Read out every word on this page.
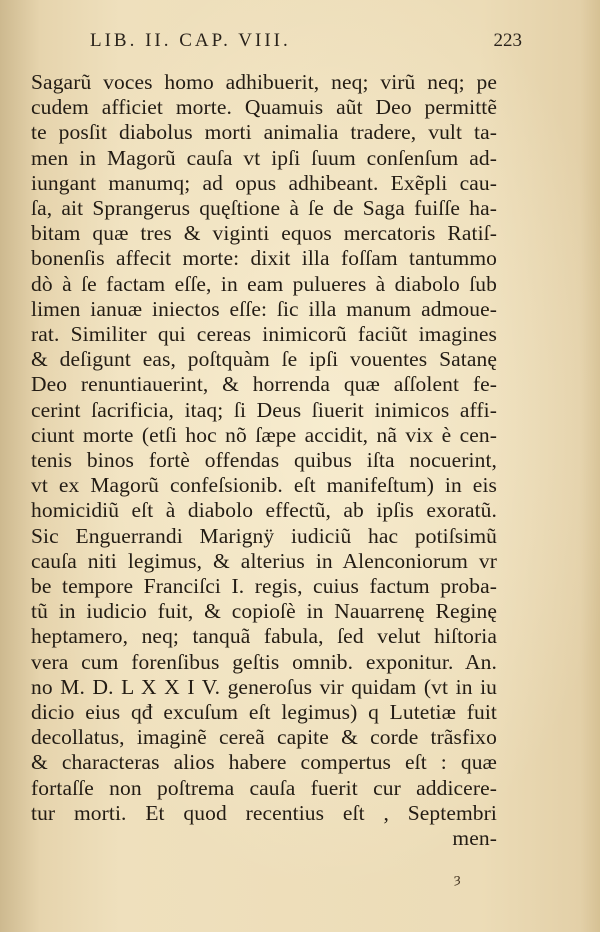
LIB. II. CAP. VIII.	223
Sagarũ voces homo adhibuerit, neq; virũ neq; pe
cudem afficiet morte. Quamuis aũt Deo permittẽ
te posſit diabolus morti animalia tradere, vult ta-
men in Magorũ cauſa vt ipſi ſuum conſenſum ad-
iungant manumq; ad opus adhibeant. Exẽpli cau-
ſa, ait Sprangerus quęſtione à ſe de Saga fuiſſe ha-
bitam quæ tres & viginti equos mercatoris Ratiſ-
bonenſis affecit morte: dixit illa foſſam tantummo
dò à ſe factam eſſe, in eam pulueres à diabolo ſub
limen ianuæ iniectos eſſe: ſic illa manum admoue-
rat. Similiter qui cereas inimicorũ faciũt imagines
& deſigunt eas, poſtquàm ſe ipſi vouentes Satanę
Deo renuntiauerint, & horrenda quæ aſſolent fe-
cerint ſacrificia, itaq; ſi Deus ſiuerit inimicos affi-
ciunt morte (etſi hoc nõ ſæpe accidit, nã vix è cen-
tenis binos fortè offendas quibus iſta nocuerint,
vt ex Magorũ confeſsionib. eſt manifeſtum) in eis
homicidiũ eſt à diabolo effectũ, ab ipſis exoratũ.
Sic Enguerrandi Marignÿ iudiciũ hac potiſsimũ
cauſa niti legimus, & alterius in Alenconiorum vr
be tempore Franciſci I. regis, cuius factum proba-
tũ in iudicio fuit, & copioſè in Nauarrenę Reginę
heptamero, neq; tanquã fabula, ſed velut hiſtoria
vera cum forenſibus geſtis omnib. exponitur. An.
no M. D. L X X I V. generoſus vir quidam (vt in iu
dicio eius qđ excuſum eſt legimus) q Lutetiæ fuit
decollatus, imaginẽ cereã capite & corde trãsfixo
& characteras alios habere compertus eſt : quæ
fortaſſe non poſtrema cauſa fuerit cur addicere-
tur morti. Et quod recentius eſt , Septembri
men-
ȝ
